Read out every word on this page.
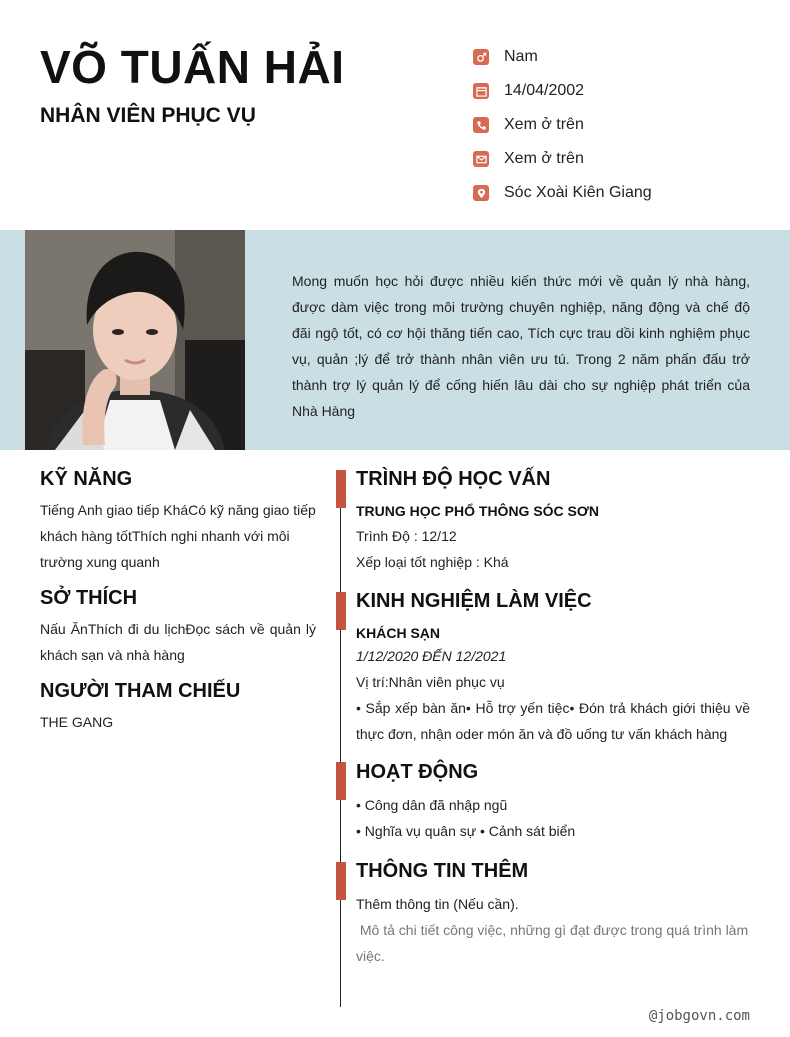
VÕ TUẤN HẢI
NHÂN VIÊN PHỤC VỤ
Nam
14/04/2002
Xem ở trên
Xem ở trên
Sóc Xoài Kiên Giang
Mong muốn học hỏi được nhiều kiến thức mới về quản lý nhà hàng, được dàm việc trong môi trường chuyên nghiệp, năng động và chế độ đãi ngộ tốt, có cơ hội thăng tiến cao, Tích cực trau dồi kinh nghiệm phục vụ, quản ;lý để trở thành nhân viên ưu tú. Trong 2 năm phấn đấu trở thành trợ lý quản lý để cống hiến lâu dài cho sự nghiệp phát triển của Nhà Hàng
KỸ NĂNG
Tiếng Anh giao tiếp KháCó kỹ năng giao tiếp khách hàng tốtThích nghi nhanh với môi trường xung quanh
SỞ THÍCH
Nấu ĂnThích đi du lịchĐọc sách về quản lý khách sạn và nhà hàng
NGƯỜI THAM CHIẾU
THE GANG
TRÌNH ĐỘ HỌC VẤN
TRUNG HỌC PHỔ THÔNG SÓC SƠN
Trình Độ : 12/12
Xếp loại tốt nghiệp : Khá
KINH NGHIỆM LÀM VIỆC
KHÁCH SẠN
1/12/2020 ĐẾN 12/2021
Vị trí:Nhân viên phục vụ
• Sắp xếp bàn ăn• Hỗ trợ yến tiệc• Đón trả khách giới thiệu về thực đơn, nhận oder món ăn và đồ uống tư vấn khách hàng
HOẠT ĐỘNG
• Công dân đã nhập ngũ
• Nghĩa vụ quân sự • Cảnh sát biển
THÔNG TIN THÊM
Thêm thông tin (Nếu cần).
Mô tả chi tiết công việc, những gì đạt được trong quá trình làm việc.
@jobgovn.com
